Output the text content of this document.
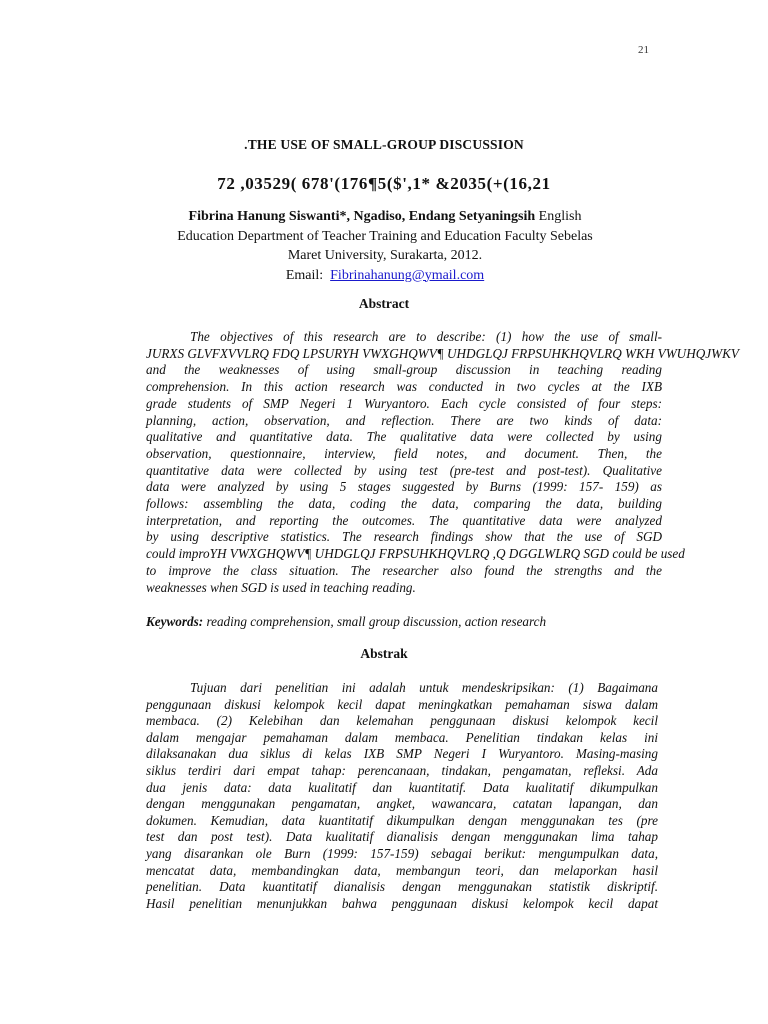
21
.THE USE OF SMALL-GROUP DISCUSSION
72 ,03529( 678'(176¶5($',1* &2035(+(16,21
Fibrina Hanung Siswanti*, Ngadiso, Endang Setyaningsih English
Education Department of Teacher Training and Education Faculty Sebelas
Maret University, Surakarta, 2012.
Email: Fibrinahanung@ymail.com
Abstract
The objectives of this research are to describe: (1) how the use of small-
JURXS GLVFXVVLRQ FDQ LPSURYH VWXGHQWV¶ UHDGLQJ FRPSUHKHQVLRQ WKH VWUHQJWKV
and the weaknesses of using small-group discussion in teaching reading
comprehension. In this action research was conducted in two cycles at the IXB
grade students of SMP Negeri 1 Wuryantoro. Each cycle consisted of four steps:
planning, action, observation, and reflection. There are two kinds of data:
qualitative and quantitative data. The qualitative data were collected by using
observation, questionnaire, interview, field notes, and document. Then, the
quantitative data were collected by using test (pre-test and post-test). Qualitative
data were analyzed by using 5 stages suggested by Burns (1999: 157- 159) as
follows: assembling the data, coding the data, comparing the data, building
interpretation, and reporting the outcomes. The quantitative data were analyzed
by using descriptive statistics. The research findings show that the use of SGD
could improYH VWXGHQWV¶ UHDGLQJ FRPSUHKHQVLRQ ,Q DGGLWLRQ SGD could be used
to improve the class situation. The researcher also found the strengths and the
weaknesses when SGD is used in teaching reading.
Keywords: reading comprehension, small group discussion, action research
Abstrak
Tujuan dari penelitian ini adalah untuk mendeskripsikan: (1) Bagaimana
penggunaan diskusi kelompok kecil dapat meningkatkan pemahaman siswa dalam
membaca. (2) Kelebihan dan kelemahan penggunaan diskusi kelompok kecil
dalam mengajar pemahaman dalam membaca. Penelitian tindakan kelas ini
dilaksanakan dua siklus di kelas IXB SMP Negeri I Wuryantoro. Masing-masing
siklus terdiri dari empat tahap: perencanaan, tindakan, pengamatan, refleksi. Ada
dua jenis data: data kualitatif dan kuantitatif. Data kualitatif dikumpulkan
dengan menggunakan pengamatan, angket, wawancara, catatan lapangan, dan
dokumen. Kemudian, data kuantitatif dikumpulkan dengan menggunakan tes (pre
test dan post test). Data kualitatif dianalisis dengan menggunakan lima tahap
yang disarankan ole Burn (1999: 157-159) sebagai berikut: mengumpulkan data,
mencatat data, membandingkan data, membangun teori, dan melaporkan hasil
penelitian. Data kuantitatif dianalisis dengan menggunakan statistik diskriptif.
Hasil penelitian menunjukkan bahwa penggunaan diskusi kelompok kecil dapat
